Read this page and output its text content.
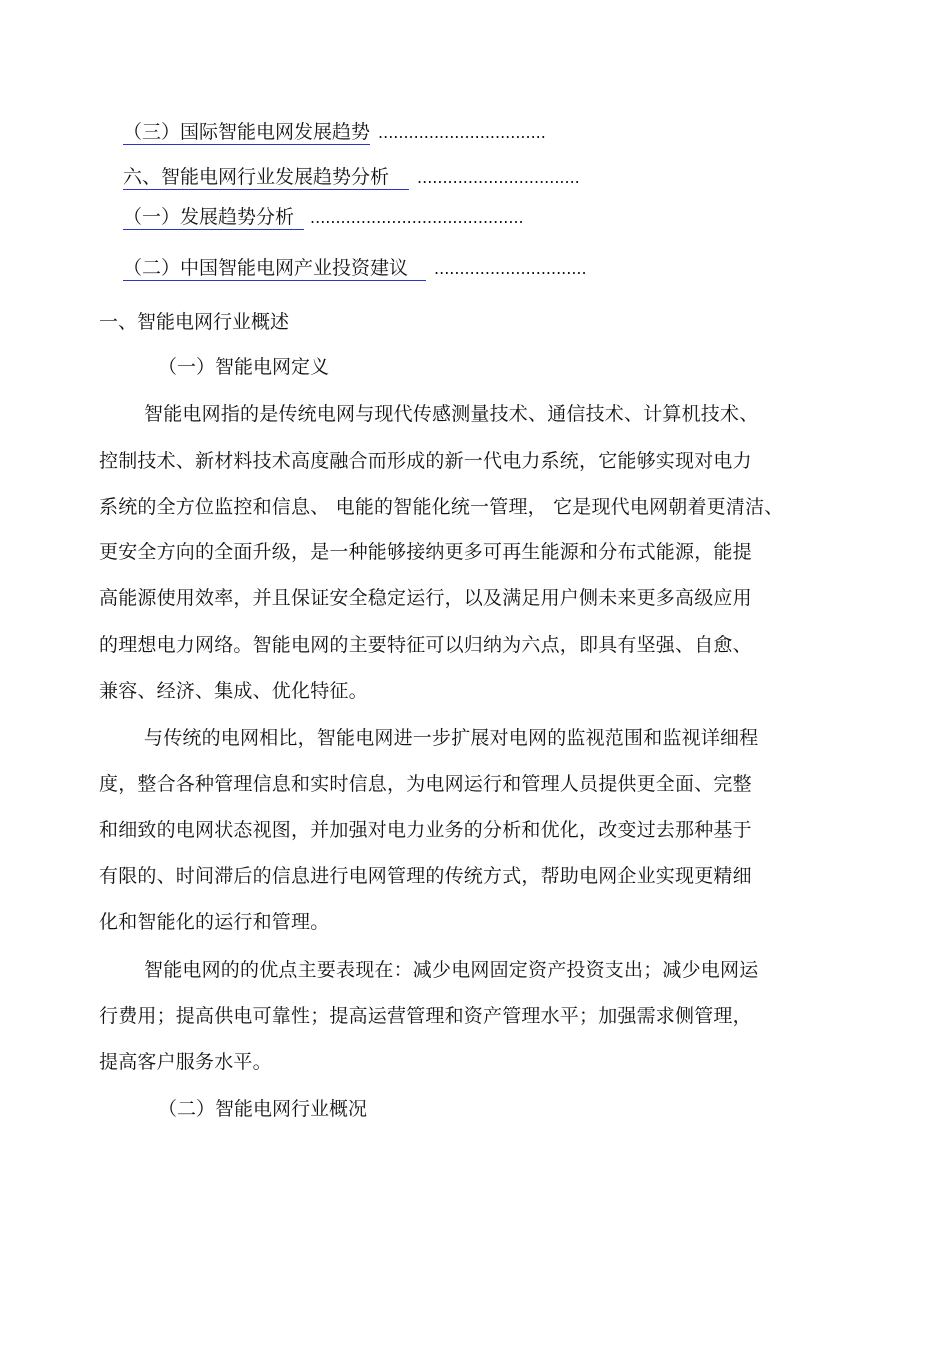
（三）国际智能电网发展趋势 .................................
六、智能电网行业发展趋势分析 ................................
（一）发展趋势分析 ..........................................
（二）中国智能电网产业投资建议 ..............................
一、智能电网行业概述
（一）智能电网定义
智能电网指的是传统电网与现代传感测量技术、通信技术、计算机技术、
控制技术、新材料技术高度融合而形成的新一代电力系统，它能够实现对电力
系统的全方位监控和信息、 电能的智能化统一管理， 它是现代电网朝着更清洁、
更安全方向的全面升级，是一种能够接纳更多可再生能源和分布式能源，能提
高能源使用效率，并且保证安全稳定运行，以及满足用户侧未来更多高级应用
的理想电力网络。智能电网的主要特征可以归纳为六点，即具有坚强、自愈、
兼容、经济、集成、优化特征。
与传统的电网相比，智能电网进一步扩展对电网的监视范围和监视详细程
度，整合各种管理信息和实时信息，为电网运行和管理人员提供更全面、完整
和细致的电网状态视图，并加强对电力业务的分析和优化，改变过去那种基于
有限的、时间滞后的信息进行电网管理的传统方式，帮助电网企业实现更精细
化和智能化的运行和管理。
智能电网的的优点主要表现在：减少电网固定资产投资支出；减少电网运
行费用；提高供电可靠性；提高运营管理和资产管理水平；加强需求侧管理，
提高客户服务水平。
（二）智能电网行业概况
